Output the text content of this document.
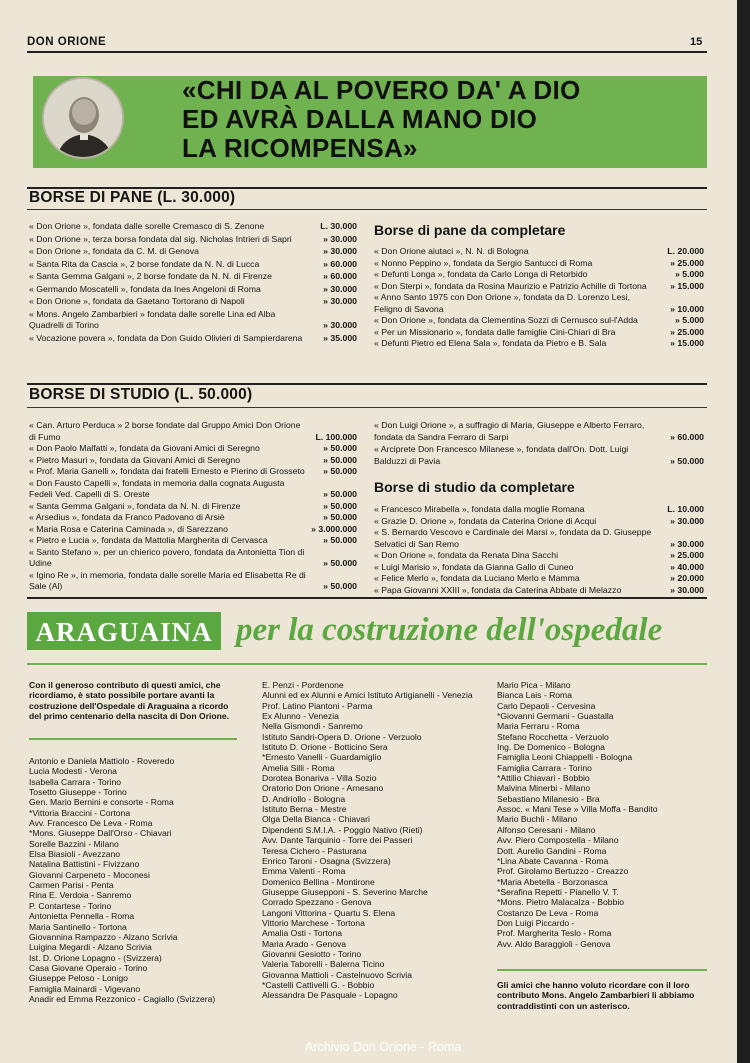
DON ORIONE	15
«CHI DA AL POVERO DA' A DIO
ED AVRÀ DALLA MANO DIO
LA RICOMPENSA»
BORSE DI PANE (L. 30.000)
« Don Orione », fondata dalle sorelle Cremasco di S. Zenone	L. 30.000
« Don Orione », terza borsa fondata dal sig. Nicholas Intrieri di Sapri	» 30.000
« Don Orione », fondata da C. M. di Genova	» 30.000
« Santa Rita da Cascia », 2 borse fondate da N. N. di Lucca	» 60.000
« Santa Gemma Galgani », 2 borse fondate da N. N. di Firenze	» 60.000
« Germando Moscatelli », fondata da Ines Angeloni di Roma	» 30.000
« Don Orione », fondata da Gaetano Tortorano di Napoli	» 30.000
« Mons. Angelo Zambarbieri » fondata dalle sorelle Lina ed Alba Quadrelli di Torino	» 30.000
« Vocazione povera », fondata da Don Guido Olivieri di Sampierdarena » 35.000
Borse di pane da completare
« Don Orione aiutaci », N. N. di Bologna	L. 20.000
« Nonno Peppino », fondata da Sergio Santucci di Roma	» 25.000
« Defunti Longa », fondata da Carlo Longa di Retorbido	» 5.000
« Don Sterpi », fondata da Rosina Maurizio e Patrizio Achille di Tortona	» 15.000
« Anno Santo 1975 con Don Orione », fondata da D. Lorenzo Lesi, Feligno di Savona	» 10.000
« Don Orione », fondata da Clementina Sozzi di Cernusco sul-l'Adda	» 5.000
« Per un Missionario », fondata dalle famiglie Cini-Chiari di Bra	» 25.000
« Defunti Pietro ed Elena Sala », fondata da Pietro e B. Sala	» 15.000
BORSE DI STUDIO (L. 50.000)
« Can. Arturo Perduca » 2 borse fondate dal Gruppo Amici Don Orione di Fumo	L. 100.000
« Don Paolo Malfatti », fondata da Giovani Amici di Seregno	» 50.000
« Pietro Masuri », fondata da Giovani Amici di Seregno	» 50.000
« Prof. Maria Ganelli », fondata dai fratelli Ernesto e Pierino di Grosseto » 50.000
« Don Fausto Capelli », fondata in memoria dalla cognata Augusta Fedeli Ved. Capelli di S. Oreste	» 50.000
« Santa Gemma Galgani », fondata da N. N. di Firenze	» 50.000
« Arsedius », fondata da Franco Padovano di Arsiè	» 50.000
« Maria Rosa e Caterina Caminada », di Sarezzano	» 3.000.000
« Pietro e Lucia », fondata da Mattolia Margherita di Cervasca	» 50.000
« Santo Stefano », per un chierico povero, fondata da Antonietta Tion di Udine	» 50.000
« Igino Re », in memoria, fondata dalle sorelle Maria ed Elisabetta Re di Sale (Al)	» 50.000
« Don Luigi Orione », a suffragio di Maria, Giuseppe e Alberto Ferraro, fondata da Sandra Ferraro di Sarpi	» 60.000
« Arciprete Don Francesco Milanese », fondata dall'On. Dott. Luigi Balduzzi di Pavia	» 50.000
Borse di studio da completare
« Francesco Mirabella », fondata dalla moglie Romana	L. 10.000
« Grazie D. Orione », fondata da Caterina Orione di Acqui	» 30.000
« S. Bernardo Vescovo e Cardinale dei Marsi », fondata da D. Giuseppe Selvatici di San Remo	» 30.000
« Don Orione », fondata da Renata Dina Sacchi	» 25.000
« Luigi Marisio », fondata da Gianna Gallo di Cuneo	» 40.000
« Felice Merlo », fondata da Luciano Merlo e Mamma	» 20.000
« Papa Giovanni XXIII », fondata da Caterina Abbate di Melazzo	» 30.000
ARAGUAINA per la costruzione dell'ospedale
Con il generoso contributo di questi amici, che ricordiamo, è stato possibile portare avanti la costruzione dell'Ospedale di Araguaina a ricordo del primo centenario della nascita di Don Orione.
Antonio e Daniela Mattiolo - Roveredo
Lucia Modesti - Verona
Isabella Carrara - Torino
Tosetto Giuseppe - Torino
Gen. Mario Bernini e consorte - Roma
*Vittoria Braccini - Cortona
Avv. Francesco De Leva - Roma
*Mons. Giuseppe Dall'Orso - Chiavari
Sorelle Bazzini - Milano
Elsa Biasioli - Avezzano
Natalina Battistini - Fivizzano
Giovanni Carpeneto - Moconesi
Carmen Parisi - Penta
Rina E. Verdoia - Sanremo
P. Contartese - Torino
Antonietta Pennella - Roma
Maria Santinello - Tortona
Giovannina Rampazzo - Alzano Scrivia
Luigina Megardi - Alzano Scrivia
Ist. D. Orione Lopagno - (Svizzera)
Casa Giovane Operaio - Torino
Giuseppe Peloso - Lonigo
Famiglia Mainardi - Vigevano
Anadir ed Emma Rezzonico - Cagiallo (Svizzera)
E. Penzi - Pordenone
Alunni ed ex Alunni e Amici Istituto Artigianelli - Venezia
Prof. Latino Piantoni - Parma
Ex Alunno - Venezia
Nella Gismondi - Sanremo
Istituto Sandri-Opera D. Orione - Verzuolo
Istituto D. Orione - Botticino Sera
*Ernesto Vanelli - Guardamiglio
Amelia Silli - Roma
Dorotea Bonariva - Villa Sozio
Oratorio Don Orione - Arnesano
D. Andriollo - Bologna
Istituto Berna - Mestre
Olga Della Bianca - Chiavari
Dipendenti S.M.I.A. - Poggio Nativo (Rieti)
Avv. Dante Tarquinio - Torre dei Passeri
Teresa Cichero - Pasturana
Enrico Taroni - Osagna (Svizzera)
Emma Valenti - Roma
Domenico Bellina - Montirone
Giuseppe Giusepponi - S. Severino Marche
Corrado Spezzano - Genova
Langoni Vittorina - Quartu S. Elena
Vittorio Marchese - Tortona
Amalia Osti - Tortona
Maria Arado - Genova
Giovanni Gesiotto - Torino
Valeria Taborelli - Balerna Ticino
Giovanna Mattioli - Castelnuovo Scrivia
*Castelli Cattivelli G. - Bobbio
Alessandra De Pasquale - Lopagno
Mario Pica - Milano
Bianca Lais - Roma
Carlo Depaoli - Cervesina
*Giovanni Germani - Guastalla
Maria Ferraru - Roma
Stefano Rocchetta - Verzuolo
Ing. De Domenico - Bologna
Famiglia Leoni Chiappelli - Bologna
Famiglia Carrara - Torino
*Attilio Chiavari - Bobbio
Malvina Minerbi - Milano
Sebastiano Milanesio - Bra
Assoc. « Mani Tese » Villa Moffa - Bandito
Mario Buchli - Milano
Alfonso Ceresani - Milano
Avv. Piero Compostella - Milano
Dott. Aurelio Gandini - Roma
*Lina Abate Cavanna - Roma
Prof. Girolamo Bertuzzo - Creazzo
*Maria Abetella - Borzonasca
*Serafina Repetti - Pianello V. T.
*Mons. Pietro Malacalza - Bobbio
Costanzo De Leva - Roma
Don Luigi Piccardo -
Prof. Margherita Teslo - Roma
Avv. Aldo Baraggioli - Genova
Gli amici che hanno voluto ricordare con il loro contributo Mons. Angelo Zambarbieri li abbiamo contraddistinti con un asterisco.
Archivio Don Orione - Roma
